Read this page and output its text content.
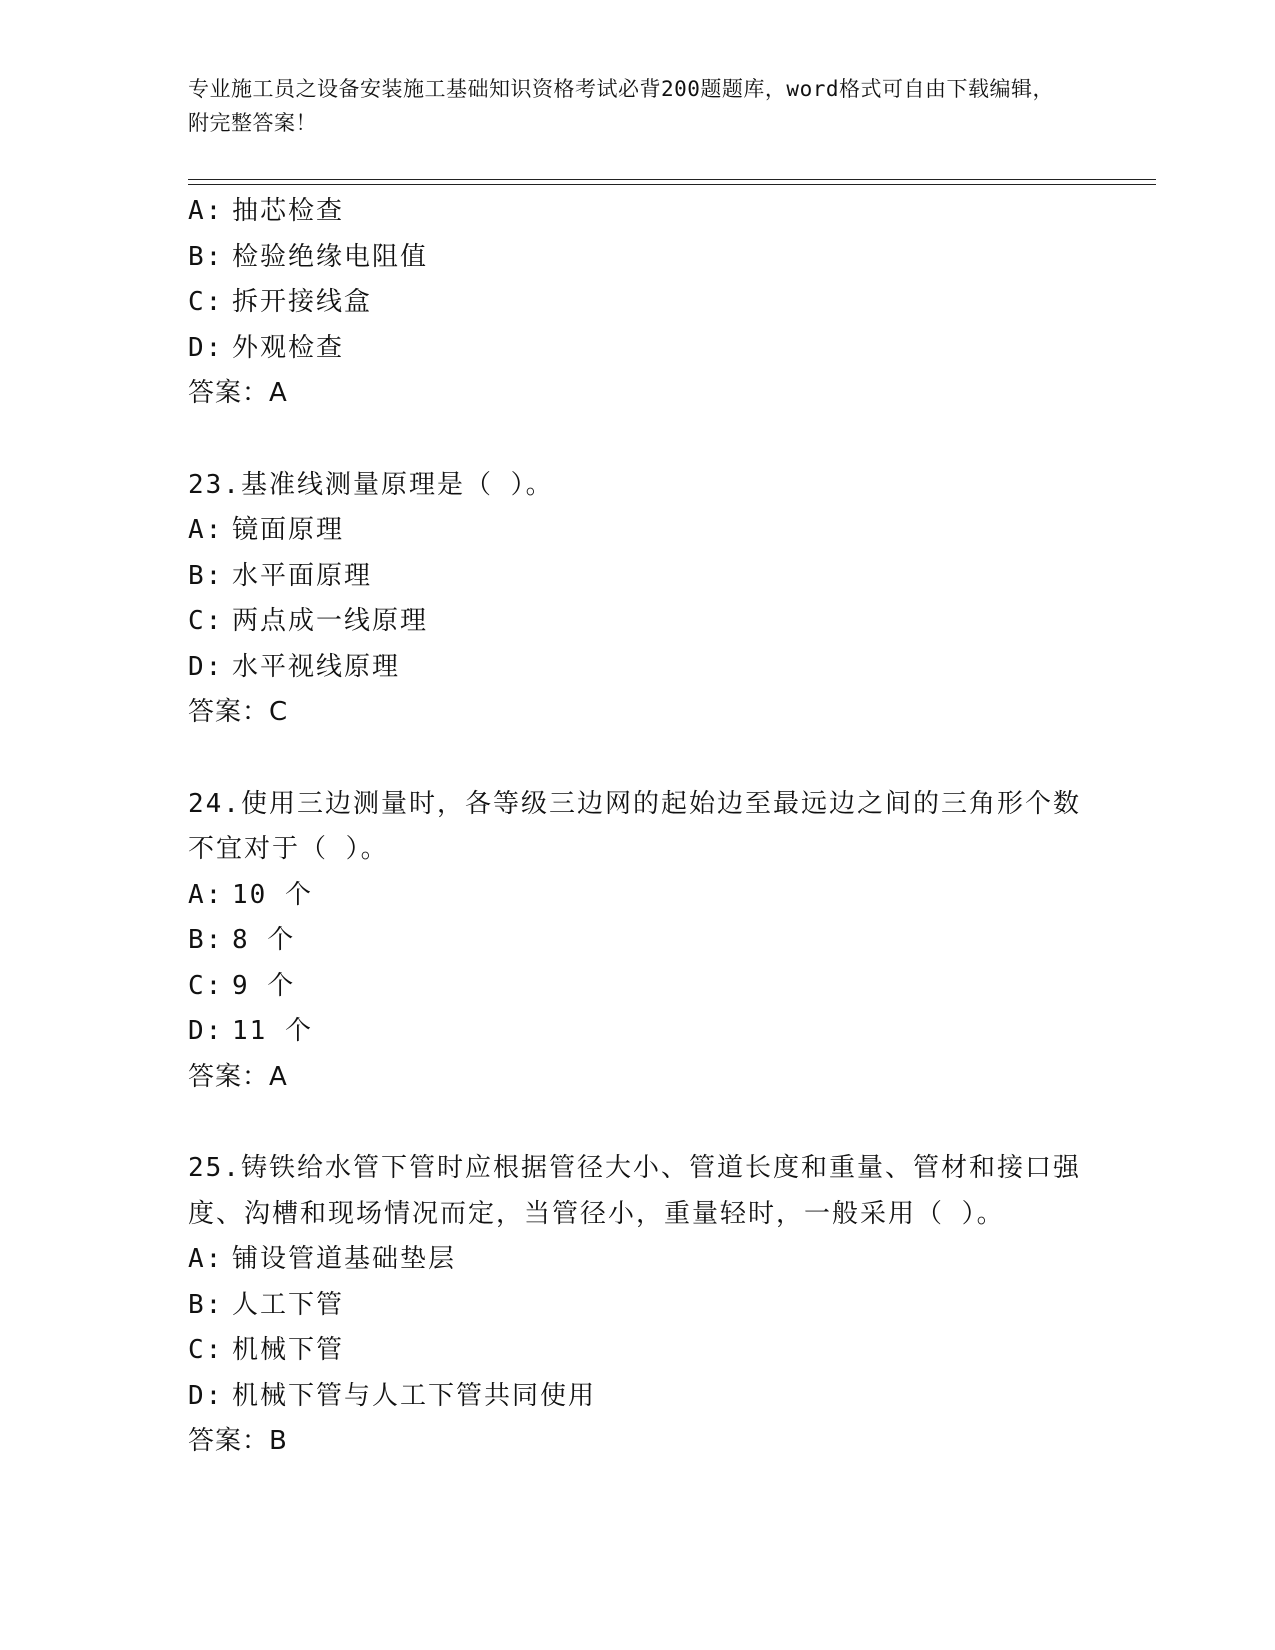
专业施工员之设备安装施工基础知识资格考试必背200题题库，word格式可自由下载编辑，附完整答案！
A: 抽芯检查
B: 检验绝缘电阻值
C: 拆开接线盒
D: 外观检查
答案：A
23.基准线测量原理是（ ）。
A: 镜面原理
B: 水平面原理
C: 两点成一线原理
D: 水平视线原理
答案：C
24.使用三边测量时，各等级三边网的起始边至最远边之间的三角形个数不宜对于（ ）。
A: 10 个
B: 8 个
C: 9 个
D: 11 个
答案：A
25.铸铁给水管下管时应根据管径大小、管道长度和重量、管材和接口强度、沟槽和现场情况而定，当管径小，重量轻时，一般采用（ ）。
A: 铺设管道基础垫层
B: 人工下管
C: 机械下管
D: 机械下管与人工下管共同使用
答案：B
